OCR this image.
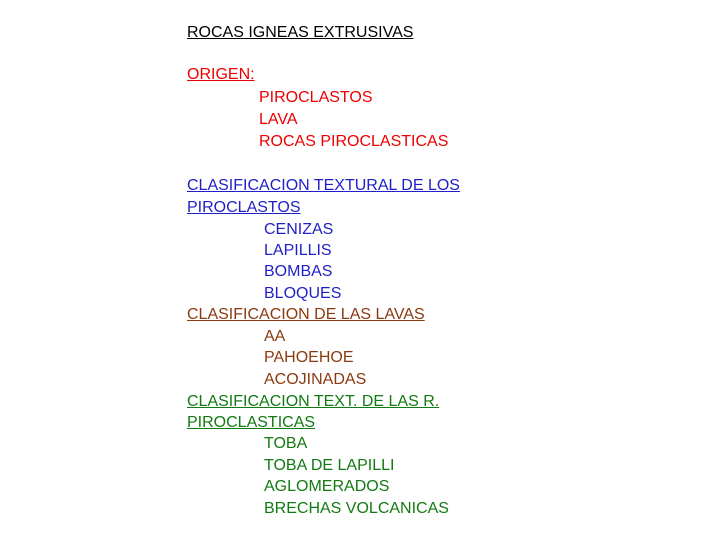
ROCAS IGNEAS EXTRUSIVAS
ORIGEN:
PIROCLASTOS
LAVA
ROCAS PIROCLASTICAS
CLASIFICACION TEXTURAL DE LOS
PIROCLASTOS
CENIZAS
LAPILLIS
BOMBAS
BLOQUES
CLASIFICACION DE LAS LAVAS
AA
PAHOEHOE
ACOJINADAS
CLASIFICACION TEXT. DE LAS R.
PIROCLASTICAS
TOBA
TOBA DE LAPILLI
AGLOMERADOS
BRECHAS VOLCANICAS
